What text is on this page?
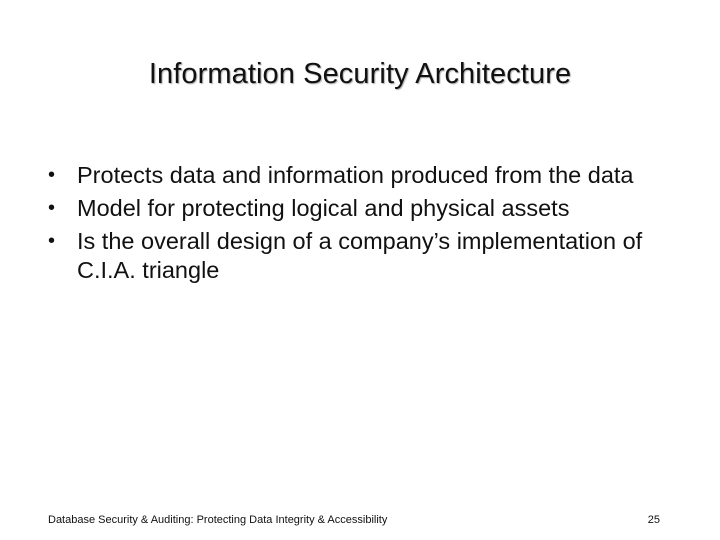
Information Security Architecture
• Protects data and information produced from the data
• Model for protecting logical and physical assets
• Is the overall design of a company’s implementation of C.I.A. triangle
Database Security & Auditing: Protecting Data Integrity & Accessibility	25
